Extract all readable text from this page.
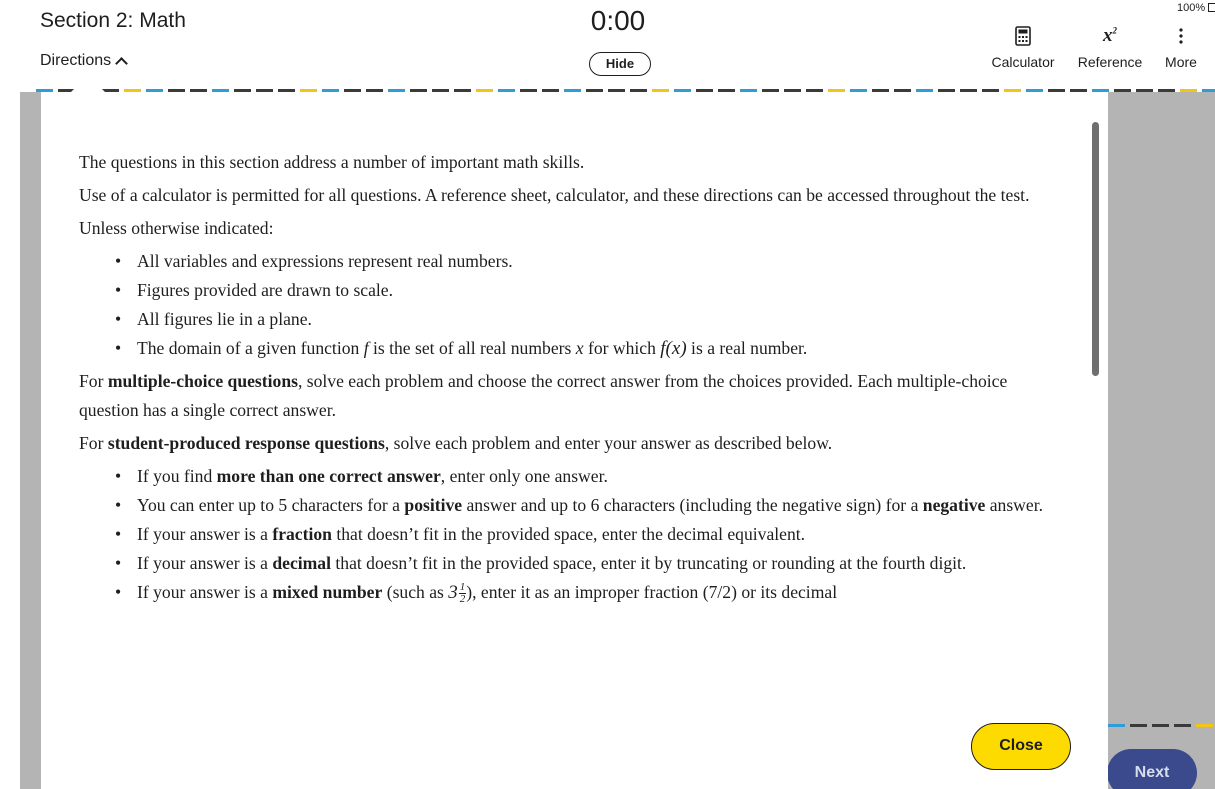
Section 2: Math
Directions
0:00
Hide
100%
Calculator
$x^2$
Reference	More
Next

The questions in this section address a number of important math skills.

Use of a calculator is permitted for all questions. A reference sheet, calculator, and these directions can be accessed throughout the test.

Unless otherwise indicated:

• All variables and expressions represent real numbers.
• Figures provided are drawn to scale.
• All figures lie in a plane.
• The domain of a given function f is the set of all real numbers x for which f(x) is a real number.

For multiple-choice questions, solve each problem and choose the correct answer from the choices provided. Each multiple-choice question has a single correct answer.

For student-produced response questions, solve each problem and enter your answer as described below.

• If you find more than one correct answer, enter only one answer.
• You can enter up to 5 characters for a positive answer and up to 6 characters (including the negative sign) for a negative answer.
• If your answer is a fraction that doesn’t fit in the provided space, enter the decimal equivalent.
• If your answer is a decimal that doesn’t fit in the provided space, enter it by truncating or rounding at the fourth digit.
• If your answer is a mixed number (such as $3 \frac{1}{2}$ ), enter it as an improper fraction (7/2) or its decimal
Close
